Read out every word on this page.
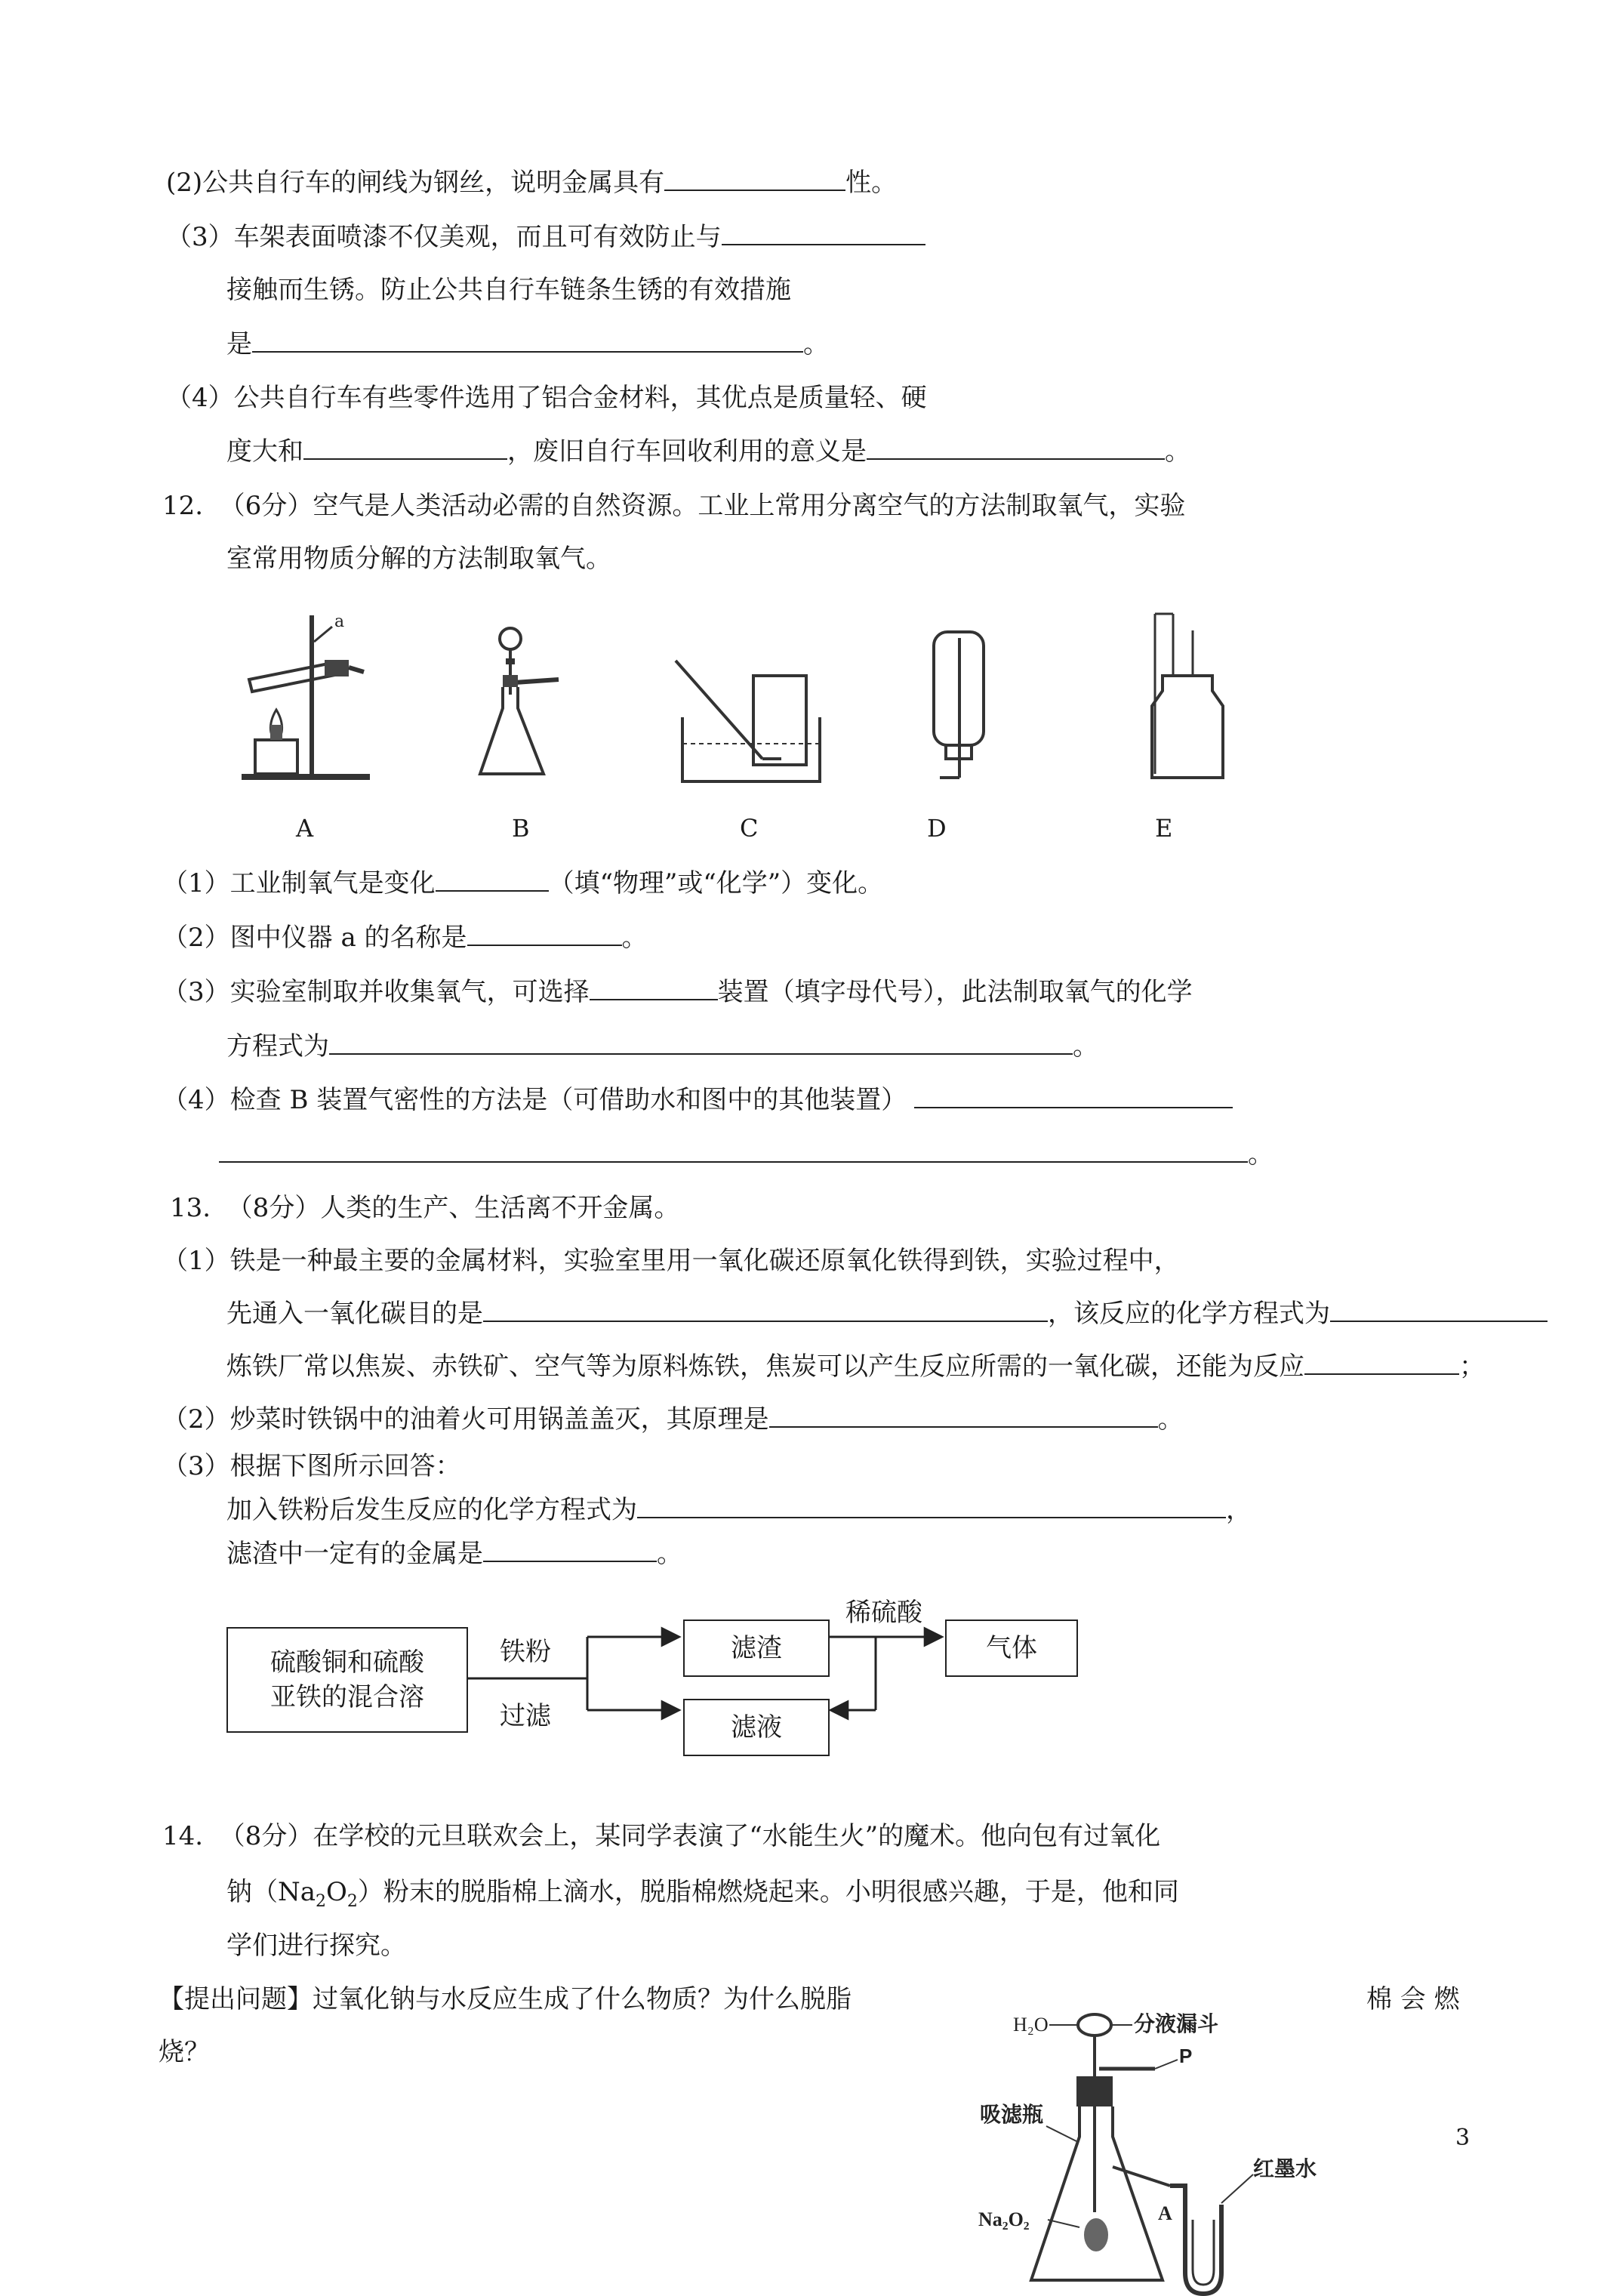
(2)公共自行车的闸线为钢丝，说明金属具有	性。
（3）车架表面喷漆不仅美观，而且可有效防止与
接触而生锈。防止公共自行车链条生锈的有效措施
是	。
（4）公共自行车有些零件选用了铝合金材料，其优点是质量轻、硬
度大和	，废旧自行车回收利用的意义是	。
12.  （6分）空气是人类活动必需的自然资源。工业上常用分离空气的方法制取氧气，实验
室常用物质分解的方法制取氧气。
a
A	B	C	D	E
（1）工业制氧气是变化	（填“物理”或“化学”）变化。
（2）图中仪器 a 的名称是	。
（3）实验室制取并收集氧气，可选择	装置（填字母代号），此法制取氧气的化学
方程式为	。
（4）检查 B 装置气密性的方法是（可借助水和图中的其他装置）
。
13.  （8分）人类的生产、生活离不开金属。
（1）铁是一种最主要的金属材料，实验室里用一氧化碳还原氧化铁得到铁，实验过程中，
先通入一氧化碳目的是	，该反应的化学方程式为
炼铁厂常以焦炭、赤铁矿、空气等为原料炼铁，焦炭可以产生反应所需的一氧化碳，还能为反应	；
（2）炒菜时铁锅中的油着火可用锅盖盖灭，其原理是	。
（3）根据下图所示回答：
加入铁粉后发生反应的化学方程式为	，
滤渣中一定有的金属是	。
硫酸铜和硫酸
亚铁的混合溶
滤渣	气体
滤液
铁粉
过滤
稀硫酸
14.  （8分）在学校的元旦联欢会上，某同学表演了“水能生火”的魔术。他向包有过氧化
钠$(Na_2O_2)$粉末的脱脂棉上滴水，脱脂棉燃烧起来。小明很感兴趣，于是，他和同
学们进行探究。
【提出问题】过氧化钠与水反应生成了什么物质？为什么脱脂	棉 会 燃
烧？
H₂O	分液漏斗
P
吸滤瓶
Na₂O₂	A
红墨水
3
